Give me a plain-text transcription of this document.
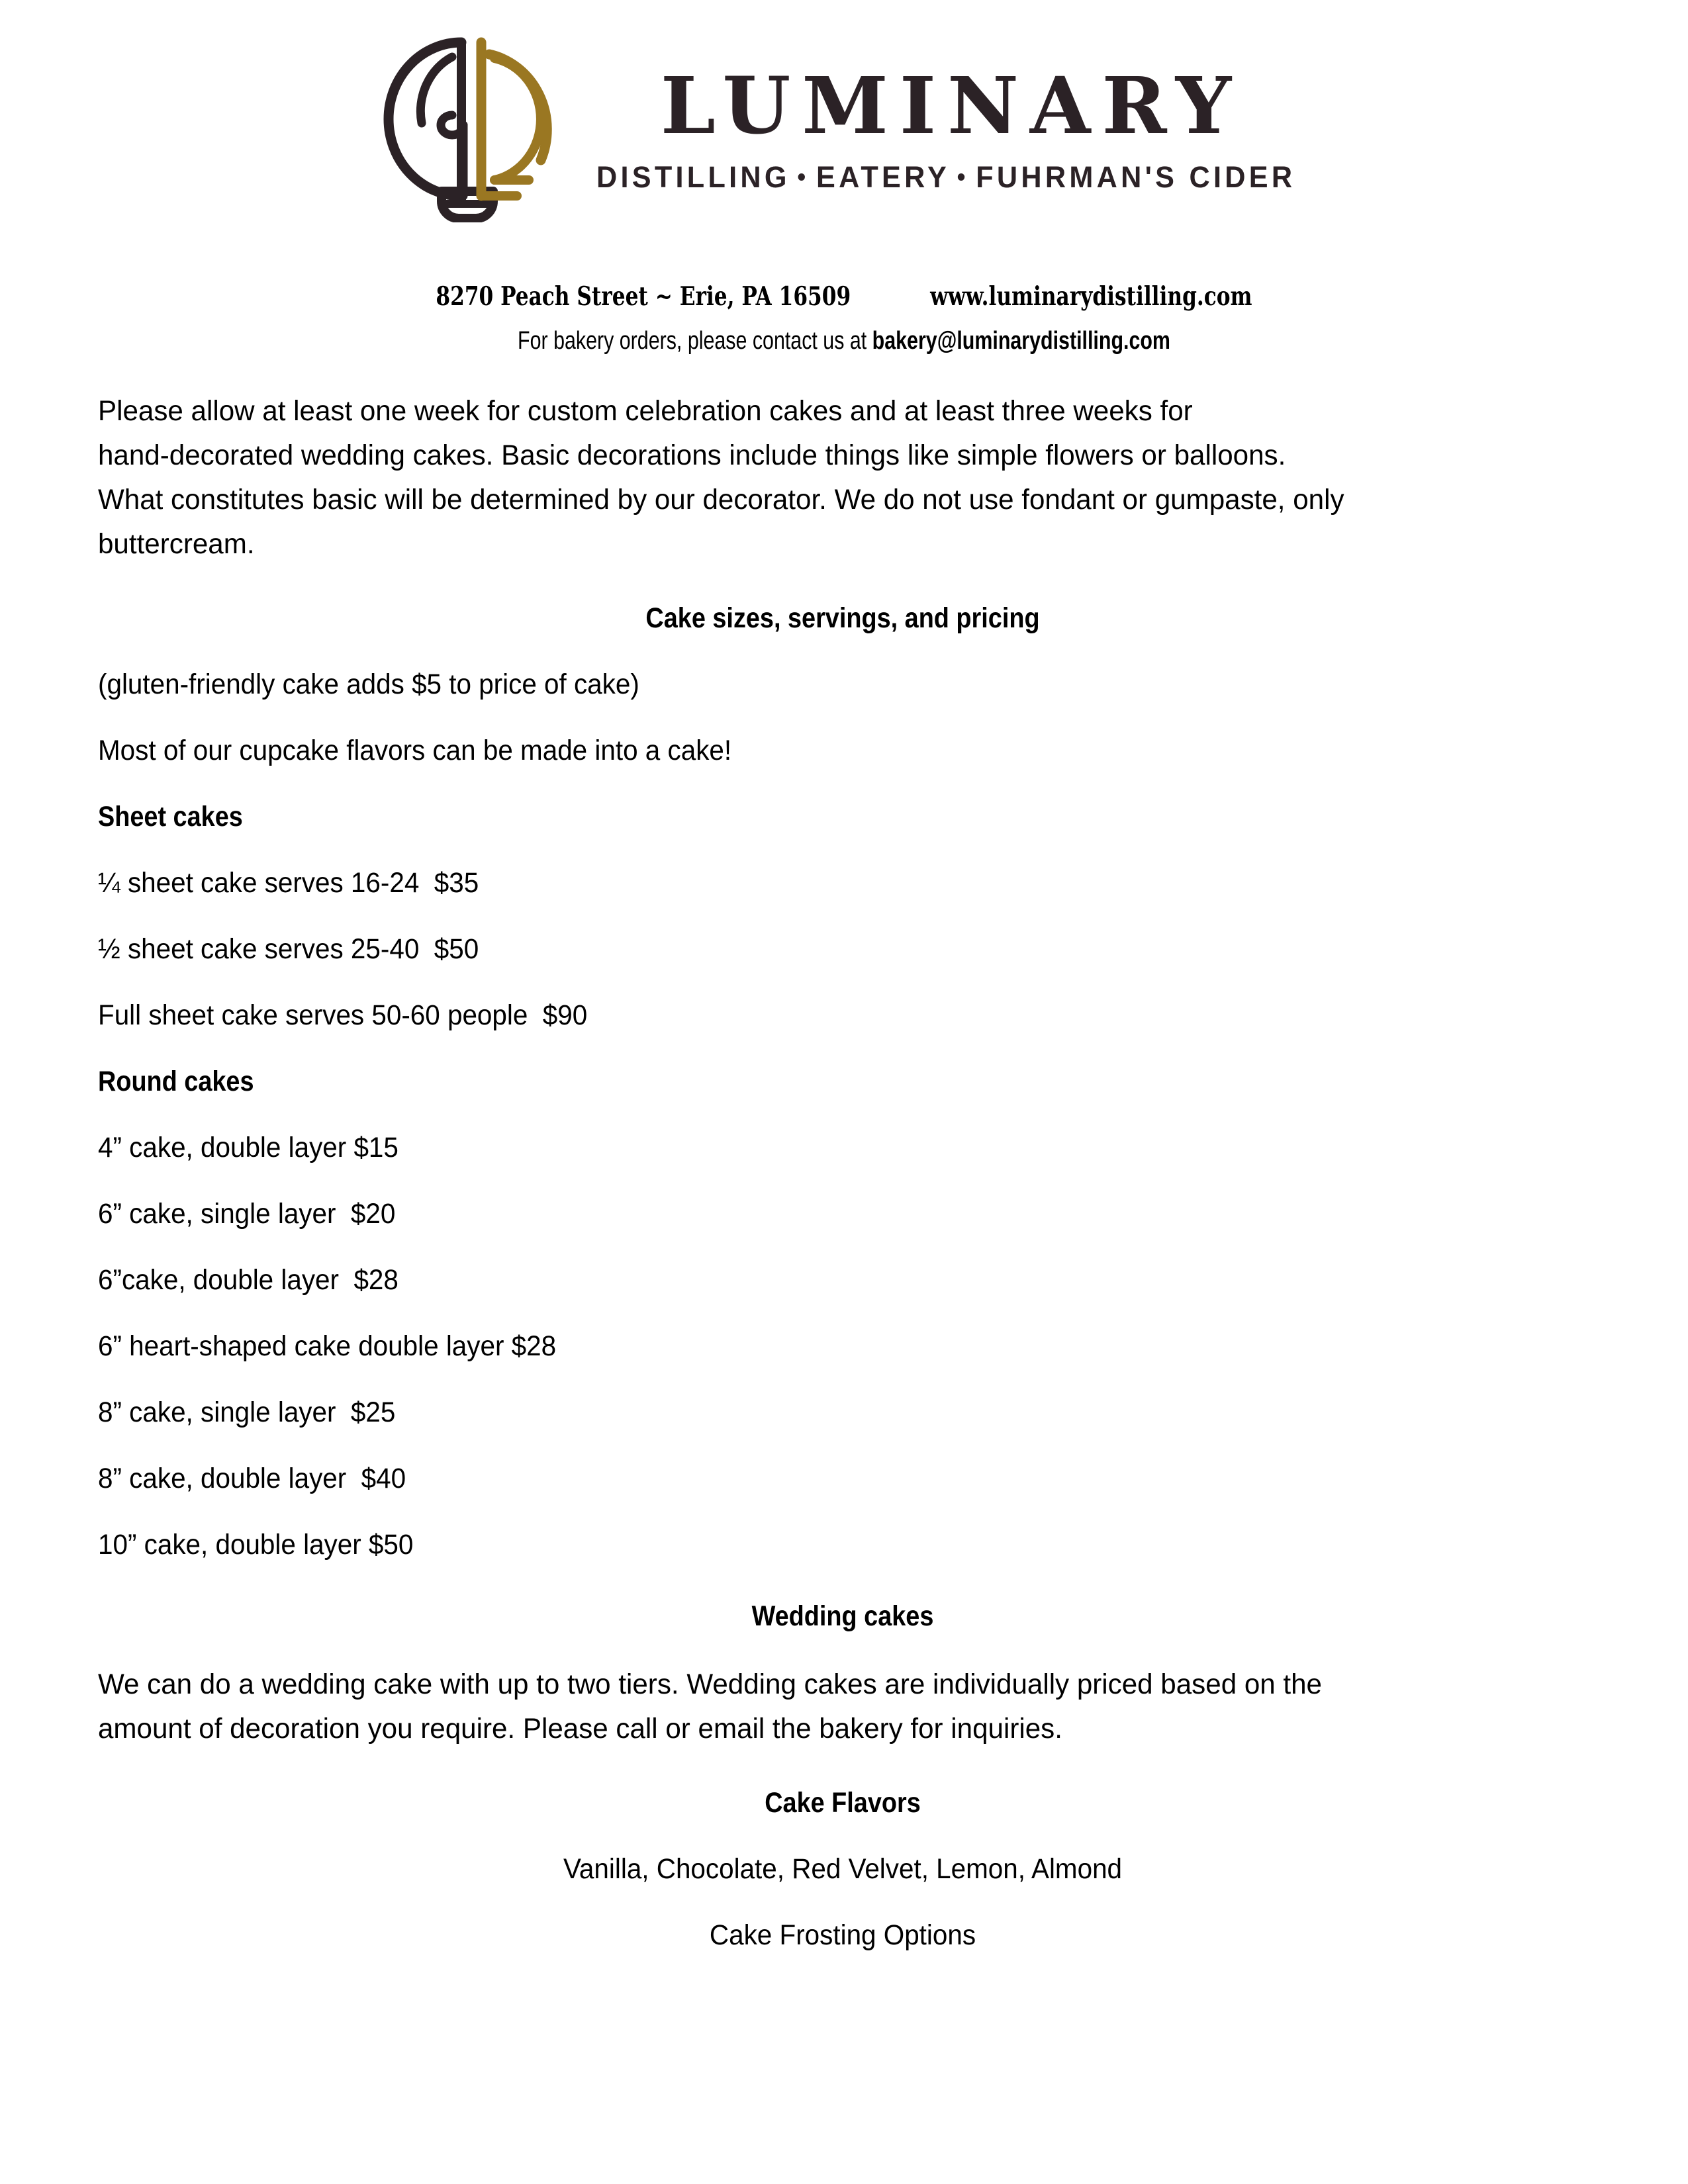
LUMINARY
DISTILLING • EATERY • FUHRMAN'S CIDER
8270 Peach Street ~ Erie, PA 16509	www.luminarydistilling.com
For bakery orders, please contact us at bakery@luminarydistilling.com

Please allow at least one week for custom celebration cakes and at least three weeks for

hand-decorated wedding cakes. Basic decorations include things like simple flowers or balloons.

What constitutes basic will be determined by our decorator. We do not use fondant or gumpaste, only

buttercream.

Cake sizes, servings, and pricing
(gluten-friendly cake adds $5 to price of cake)
Most of our cupcake flavors can be made into a cake!
Sheet cakes
¼ sheet cake serves 16-24  $35
½ sheet cake serves 25-40  $50
Full sheet cake serves 50-60 people  $90
Round cakes
4” cake, double layer $15
6” cake, single layer  $20
6”cake, double layer  $28
6” heart-shaped cake double layer $28
8” cake, single layer  $25
8” cake, double layer  $40
10” cake, double layer $50
Wedding cakes

We can do a wedding cake with up to two tiers. Wedding cakes are individually priced based on the

amount of decoration you require. Please call or email the bakery for inquiries.

Cake Flavors
Vanilla, Chocolate, Red Velvet, Lemon, Almond
Cake Frosting Options
